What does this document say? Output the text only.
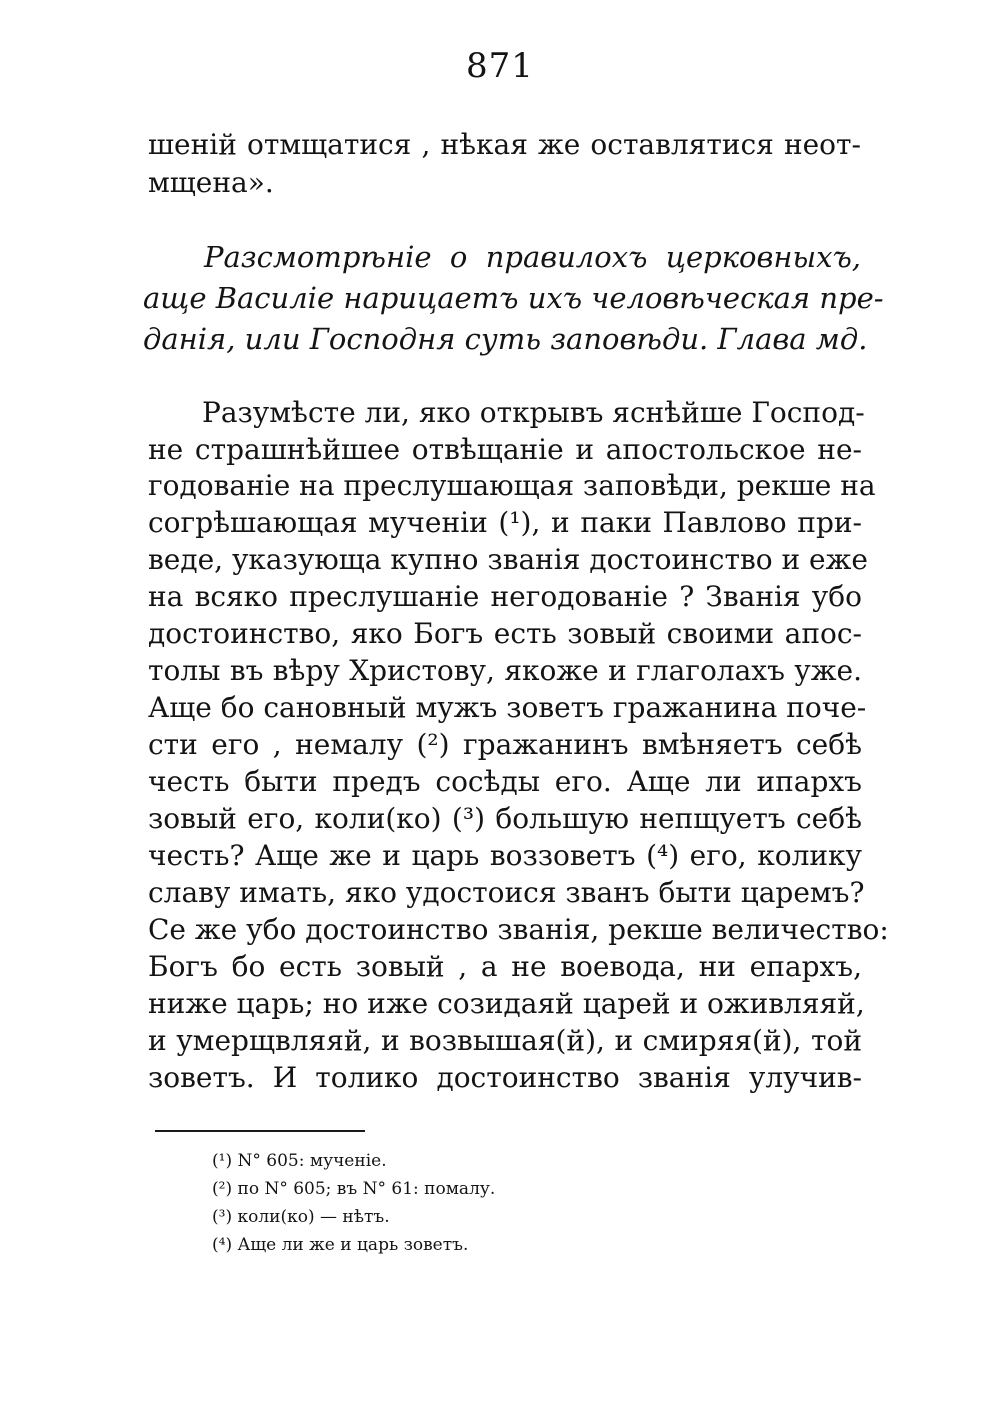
871
шеній отмщатися , нѣкая же оставлятися неот-
мщена».
Разсмотрѣніе о правилохъ церковныхъ,
аще Василіе нарицаетъ ихъ человѣческая пре-
данія, или Господня суть заповѣди. Глава мд.
Разумѣсте ли, яко открывъ яснѣйше Господ-
не страшнѣйшее отвѣщаніе и апостольское не-
годованіе на преслушающая заповѣди, рекше на
согрѣшающая мученіи (¹), и паки Павлово при-
веде, указующа купно званія достоинство и еже
на всяко преслушаніе негодованіе ? Званія убо
достоинство, яко Богъ есть зовый своими апос-
толы въ вѣру Христову, якоже и глаголахъ уже.
Аще бо сановный мужъ зоветъ гражанина поче-
сти его , немалу (²) гражанинъ вмѣняетъ себѣ
честь быти предъ сосѣды его. Аще ли ипархъ
зовый его, коли(ко) (³) большую непщуетъ себѣ
честь? Аще же и царь воззоветъ (⁴) его, колику
славу имать, яко удостоися званъ быти царемъ?
Се же убо достоинство званія, рекше величество:
Богъ бо есть зовый , а не воевода, ни епархъ,
ниже царь; но иже созидаяй царей и оживляяй,
и умерщвляяй, и возвышая(й), и смиряя(й), той
зоветъ. И толико достоинство званія улучив-
(¹) N° 605: мученіе.
(²) по N° 605; въ N° 61: помалу.
(³) коли(ко) — нѣтъ.
(⁴) Аще ли же и царь зоветъ.
